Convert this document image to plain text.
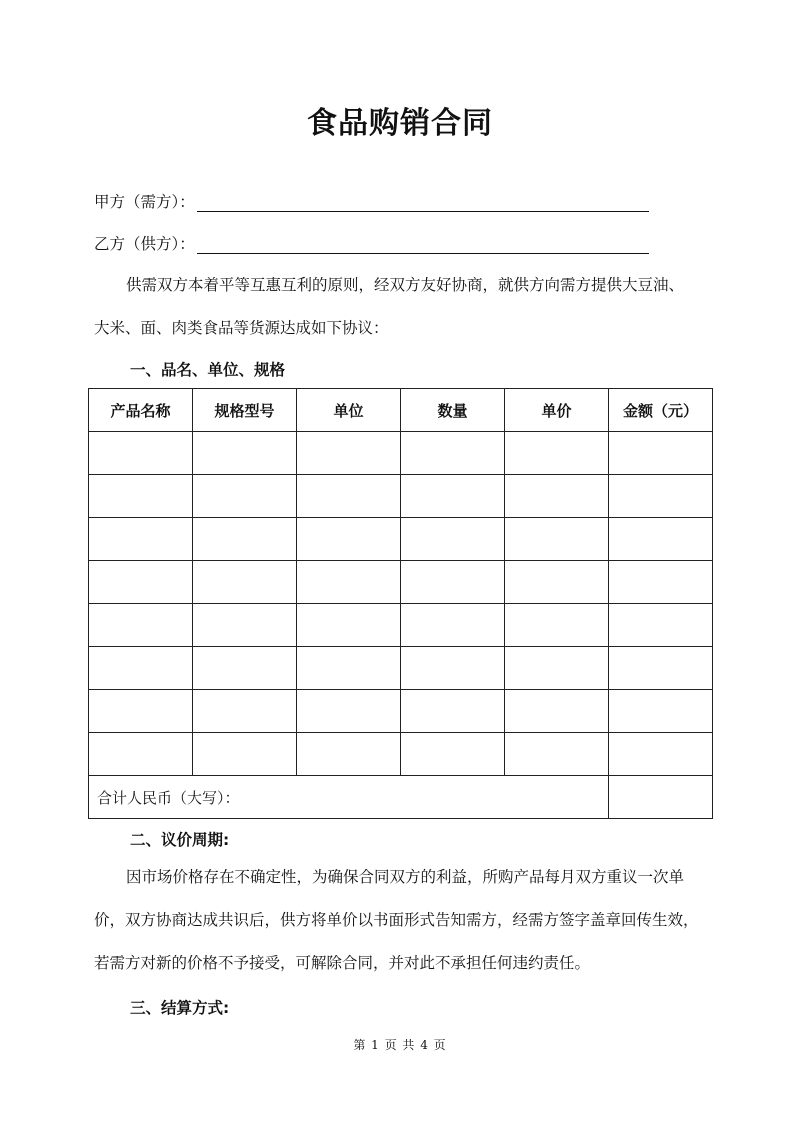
食品购销合同
甲方（需方）：
乙方（供方）：
供需双方本着平等互惠互利的原则，经双方友好协商，就供方向需方提供大豆油、
大米、面、肉类食品等货源达成如下协议：
一、品名、单位、规格
产品名称	规格型号	单位	数量	单价	金额（元）

合计人民币（大写）：					
二、议价周期:
因市场价格存在不确定性，为确保合同双方的利益，所购产品每月双方重议一次单
价，双方协商达成共识后，供方将单价以书面形式告知需方，经需方签字盖章回传生效，
若需方对新的价格不予接受，可解除合同，并对此不承担任何违约责任。
三、结算方式:
第 1 页 共 4 页
